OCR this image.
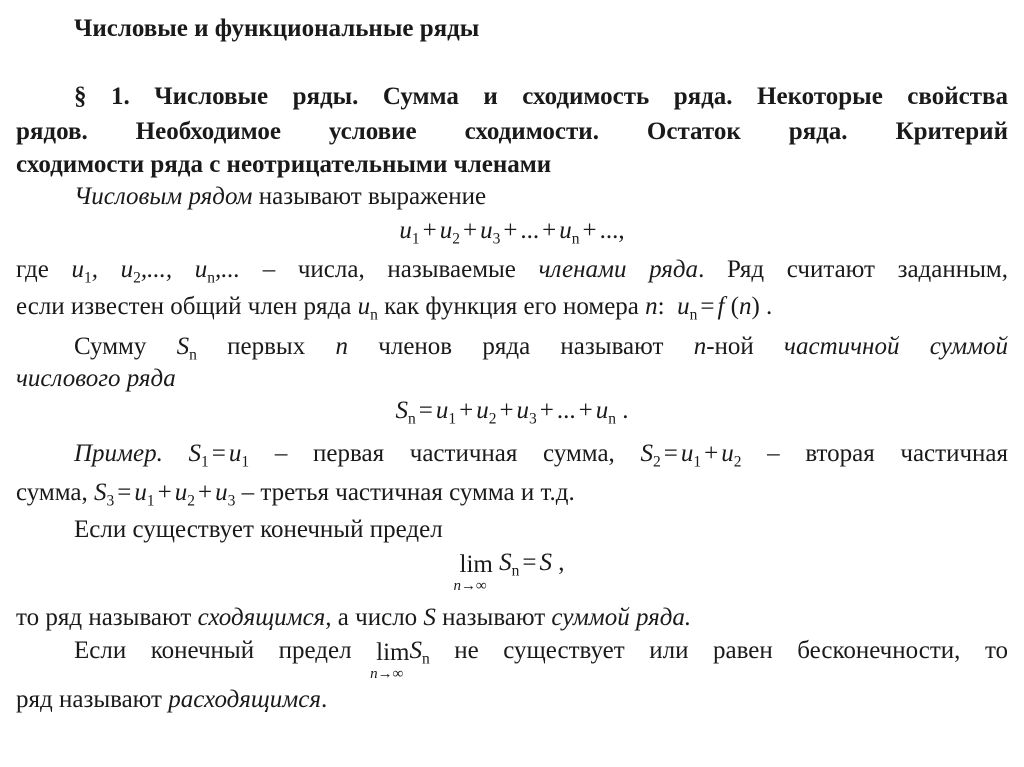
Числовые и функциональные ряды
§ 1. Числовые ряды. Сумма и сходимость ряда. Некоторые свойства
рядов. Необходимое условие сходимости. Остаток ряда. Критерий
сходимости ряда с неотрицательными членами
Числовым рядом называют выражение
$u_1 + u_2 + u_3$ + ... + $u_n$ + ...,
где $u_1$, $u_2$,..., $u_n$,... – числа, называемые членами ряда. Ряд считают заданным,
если известен общий член ряда $u_n$ как функция его номера n:  $u_n = f$ (n) .
Сумму $S_n$ первых n членов ряда называют n-ной частичной суммой
числового ряда
$S_n = u_1 + u_2 + u_3$ + ... + $u_n$ .
Пример. $S_1 = u_1$ – первая частичная сумма, $S_2 = u_1 + u_2$ – вторая частичная
сумма, $S_3 = u_1 + u_2 + u_3$ – третья частичная сумма и т.д.
Если существует конечный предел
lim
n→∞
$S_n = S$ ,
то ряд называют сходящимся, а число S называют суммой ряда.
Если конечный предел lim
n→∞
$S_n$ не существует или равен бесконечности, то
ряд называют расходящимся.
